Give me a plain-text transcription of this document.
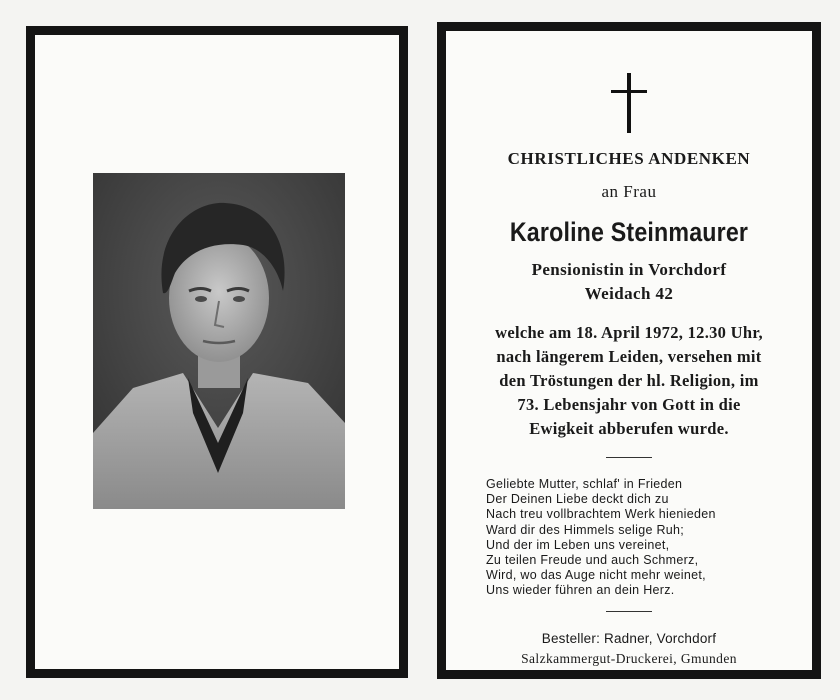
CHRISTLICHES ANDENKEN
an Frau
Karoline Steinmaurer
Pensionistin in Vorchdorf
Weidach 42
welche am 18. April 1972, 12.30 Uhr,
nach längerem Leiden, versehen mit
den Tröstungen der hl. Religion, im
73. Lebensjahr von Gott in die
Ewigkeit abberufen wurde.
Geliebte Mutter, schlaf' in Frieden
Der Deinen Liebe deckt dich zu
Nach treu vollbrachtem Werk hienieden
Ward dir des Himmels selige Ruh;
Und der im Leben uns vereinet,
Zu teilen Freude und auch Schmerz,
Wird, wo das Auge nicht mehr weinet,
Uns wieder führen an dein Herz.
Besteller: Radner, Vorchdorf
Salzkammergut-Druckerei, Gmunden
